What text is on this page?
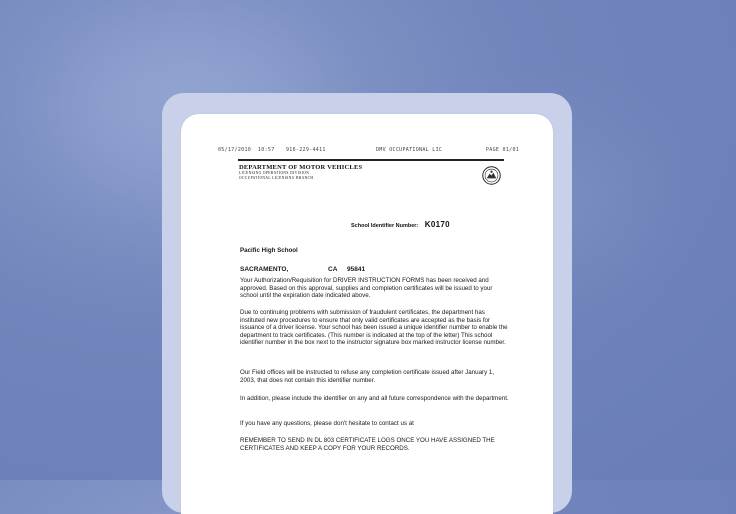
05/17/2010 10:57 916-229-4411	DMV OCCUPATIONAL LIC	PAGE 01/01
DEPARTMENT OF MOTOR VEHICLES
LICENSING OPERATIONS DIVISION
OCCUPATIONAL LICENSING BRANCH
School Identifier Number: K0170
Pacific High School
SACRAMENTO,	CA 95841

Your Authorization/Requisition for DRIVER INSTRUCTION FORMS has been received and approved. Based on this approval, supplies and completion certificates will be issued to your school until the expiration date indicated above.

Due to continuing problems with submission of fraudulent certificates, the department has instituted new procedures to ensure that only valid certificates are accepted as the basis for issuance of a driver license. Your school has been issued a unique identifier number to enable the department to track certificates. (This number is indicated at the top of the letter) This school identifier number in the box next to the instructor signature box marked instructor license number.

Our Field offices will be instructed to refuse any completion certificate issued after January 1, 2003, that does not contain this identifier number.

In addition, please include the identifier on any and all future correspondence with the department.

If you have any questions, please don't hesitate to contact us at

REMEMBER TO SEND IN DL 803 CERTIFICATE LOGS ONCE YOU HAVE ASSIGNED THE CERTIFICATES AND KEEP A COPY FOR YOUR RECORDS.
